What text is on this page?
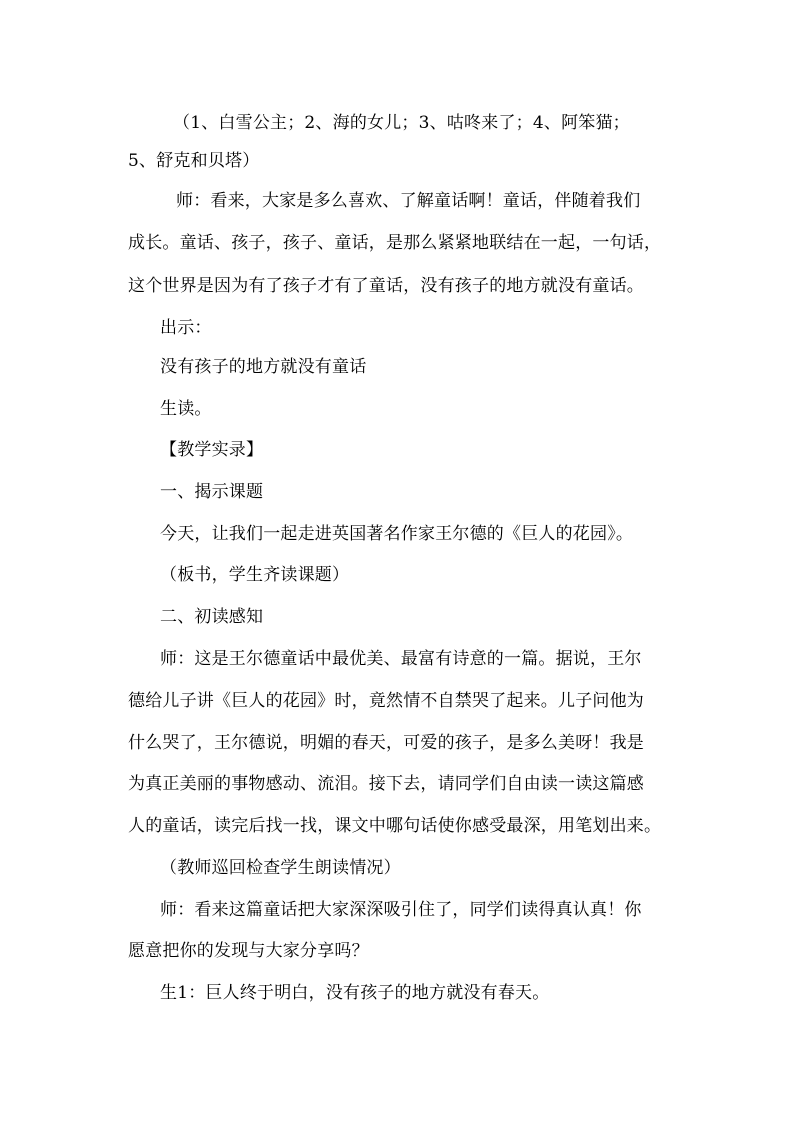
（1、白雪公主；2、海的女儿；3、咕咚来了；4、阿笨猫；
5、舒克和贝塔）
师：看来，大家是多么喜欢、了解童话啊！童话，伴随着我们
成长。童话、孩子，孩子、童话，是那么紧紧地联结在一起，一句话，
这个世界是因为有了孩子才有了童话，没有孩子的地方就没有童话。
出示：
没有孩子的地方就没有童话
生读。
【教学实录】
一、揭示课题
今天，让我们一起走进英国著名作家王尔德的《巨人的花园》。
（板书，学生齐读课题）
二、初读感知
师：这是王尔德童话中最优美、最富有诗意的一篇。据说，王尔
德给儿子讲《巨人的花园》时，竟然情不自禁哭了起来。儿子问他为
什么哭了，王尔德说，明媚的春天，可爱的孩子，是多么美呀！我是
为真正美丽的事物感动、流泪。接下去，请同学们自由读一读这篇感
人的童话，读完后找一找，课文中哪句话使你感受最深，用笔划出来。
（教师巡回检查学生朗读情况）
师：看来这篇童话把大家深深吸引住了，同学们读得真认真！你
愿意把你的发现与大家分享吗？
生1：巨人终于明白，没有孩子的地方就没有春天。
